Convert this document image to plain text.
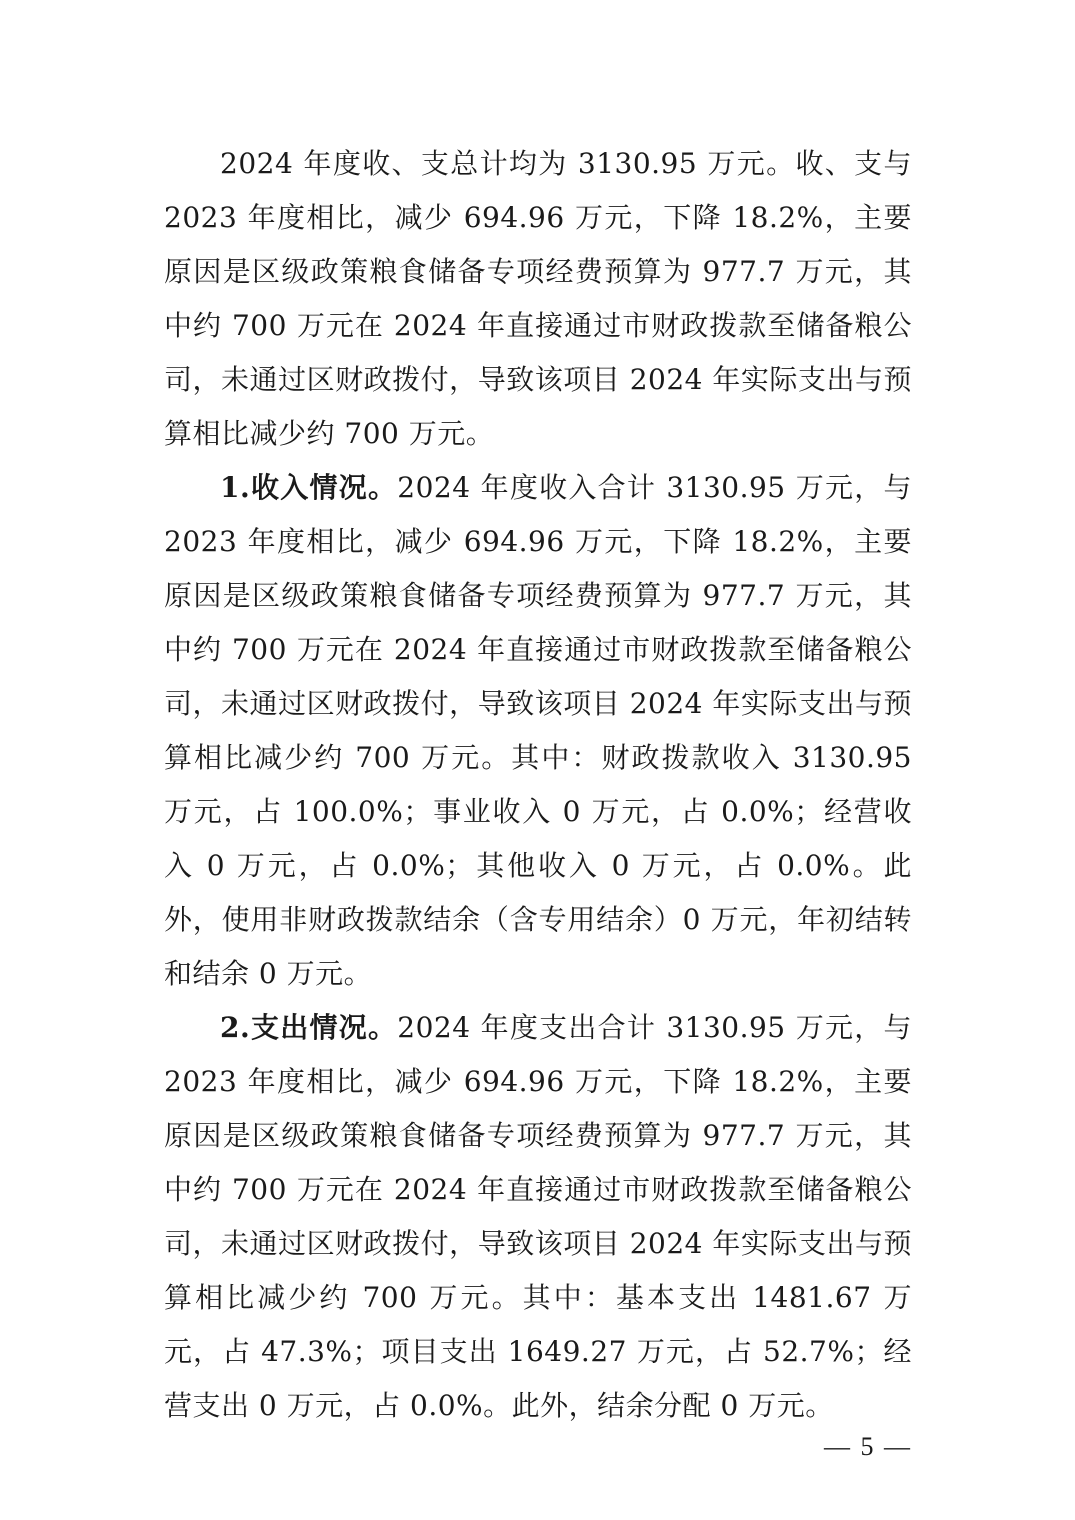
2024 年度收、支总计均为 3130.95 万元。收、支与 2023 年度相比，减少 694.96 万元，下降 18.2%，主要原因是区级政策粮食储备专项经费预算为 977.7 万元，其中约 700 万元在 2024 年直接通过市财政拨款至储备粮公司，未通过区财政拨付，导致该项目 2024 年实际支出与预算相比减少约 700 万元。

1.收入情况。2024 年度收入合计 3130.95 万元，与 2023 年度相比，减少 694.96 万元，下降 18.2%，主要原因是区级政策粮食储备专项经费预算为 977.7 万元，其中约 700 万元在 2024 年直接通过市财政拨款至储备粮公司，未通过区财政拨付，导致该项目 2024 年实际支出与预算相比减少约 700 万元。其中：财政拨款收入 3130.95 万元，占 100.0%；事业收入 0 万元，占 0.0%；经营收入 0 万元，占 0.0%；其他收入 0 万元，占 0.0%。此外，使用非财政拨款结余（含专用结余）0 万元，年初结转和结余 0 万元。

2.支出情况。2024 年度支出合计 3130.95 万元，与 2023 年度相比，减少 694.96 万元，下降 18.2%，主要原因是区级政策粮食储备专项经费预算为 977.7 万元，其中约 700 万元在 2024 年直接通过市财政拨款至储备粮公司，未通过区财政拨付，导致该项目 2024 年实际支出与预算相比减少约 700 万元。其中：基本支出 1481.67 万元，占 47.3%；项目支出 1649.27 万元，占 52.7%；经营支出 0 万元，占 0.0%。此外，结余分配 0 万元。

— 5 —
